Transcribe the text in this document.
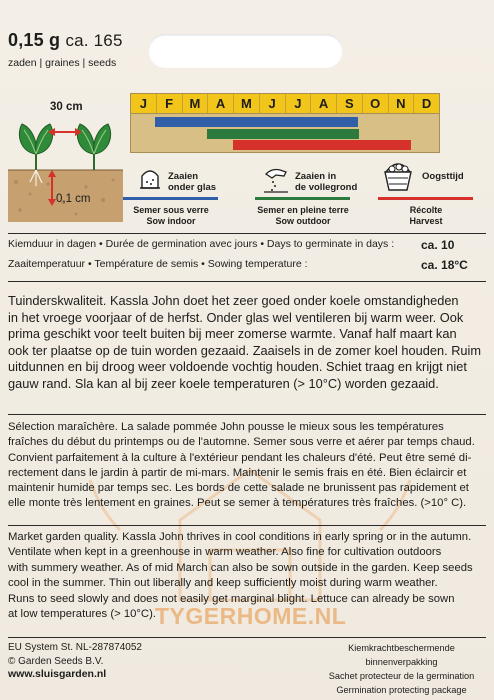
0,15 g ca. 165
zaden | graines | seeds
30 cm
0,1 cm
J	F	M	A	M	J	J	A	S	O	N	D
Zaaien
onder glas
Zaaien in
de vollegrond
Oogsttijd
Semer sous verre
Sow indoor
Semer en pleine terre
Sow outdoor
Récolte
Harvest
Kiemduur in dagen • Durée de germination avec jours • Days to germinate in days : ca. 10
Zaaitemperatuur • Température de semis • Sowing temperature :	ca. 18°C
TYGERHOME.NL
Tuinderskwaliteit. Kassla John doet het zeer goed onder koele omstandigheden
in het vroege voorjaar of de herfst. Onder glas wel ventileren bij warm weer. Ook
prima geschikt voor teelt buiten bij meer zomerse warmte. Vanaf half maart kan
ook ter plaatse op de tuin worden gezaaid. Zaaisels in de zomer koel houden. Ruim
uitdunnen en bij droog weer voldoende vochtig houden. Schiet traag en krijgt niet
gauw rand. Sla kan al bij zeer koele temperaturen (> 10°C) worden gezaaid.
Sélection maraîchère. La salade pommée John pousse le mieux sous les températures
fraîches du début du printemps ou de l'automne. Semer sous verre et aérer par temps chaud.
Convient parfaitement à la culture à l'extérieur pendant les chaleurs d'été. Peut être semé di-
rectement dans le jardin à partir de mi-mars. Maintenir le semis frais en été. Bien éclaircir et
maintenir humide par temps sec. Les bords de cette salade ne brunissent pas rapidement et
elle monte très lentement en graines. Peut se semer à températures très fraîches. (>10° C).
Market garden quality. Kassla John thrives in cool conditions in early spring or in the autumn.
Ventilate when kept in a greenhouse in warm weather. Also fine for cultivation outdoors
with summery weather. As of mid March can also be sown outside in the garden. Keep seeds
cool in the summer. Thin out liberally and keep sufficiently moist during warm weather.
Runs to seed slowly and does not easily get marginal blight. Lettuce can already be sown
at low temperatures (> 10°C).
EU System St. NL-287874052
© Garden Seeds B.V.
www.sluisgarden.nl
Kiemkrachtbeschermende binnenverpakking
Sachet protecteur de la germination
Germination protecting package
